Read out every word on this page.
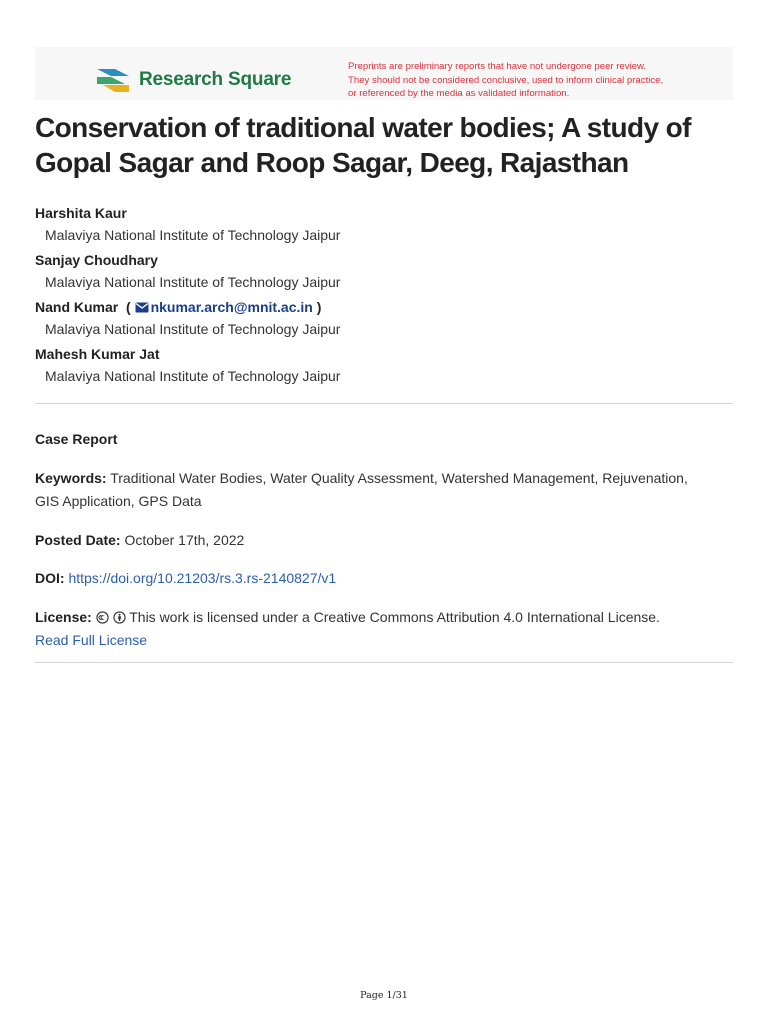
Research Square
Preprints are preliminary reports that have not undergone peer review.
They should not be considered conclusive, used to inform clinical practice,
or referenced by the media as validated information.
Conservation of traditional water bodies; A study of
Gopal Sagar and Roop Sagar, Deeg, Rajasthan
Harshita Kaur
Malaviya National Institute of Technology Jaipur
Sanjay Choudhary
Malaviya National Institute of Technology Jaipur
Nand Kumar  ( nkumar.arch@mnit.ac.in )
Malaviya National Institute of Technology Jaipur
Mahesh Kumar Jat
Malaviya National Institute of Technology Jaipur
Case Report
Keywords: Traditional Water Bodies, Water Quality Assessment, Watershed Management, Rejuvenation,
GIS Application, GPS Data
Posted Date: October 17th, 2022
DOI: https://doi.org/10.21203/rs.3.rs-2140827/v1
License:	This work is licensed under a Creative Commons Attribution 4.0 International License.
Read Full License
Page 1/31
